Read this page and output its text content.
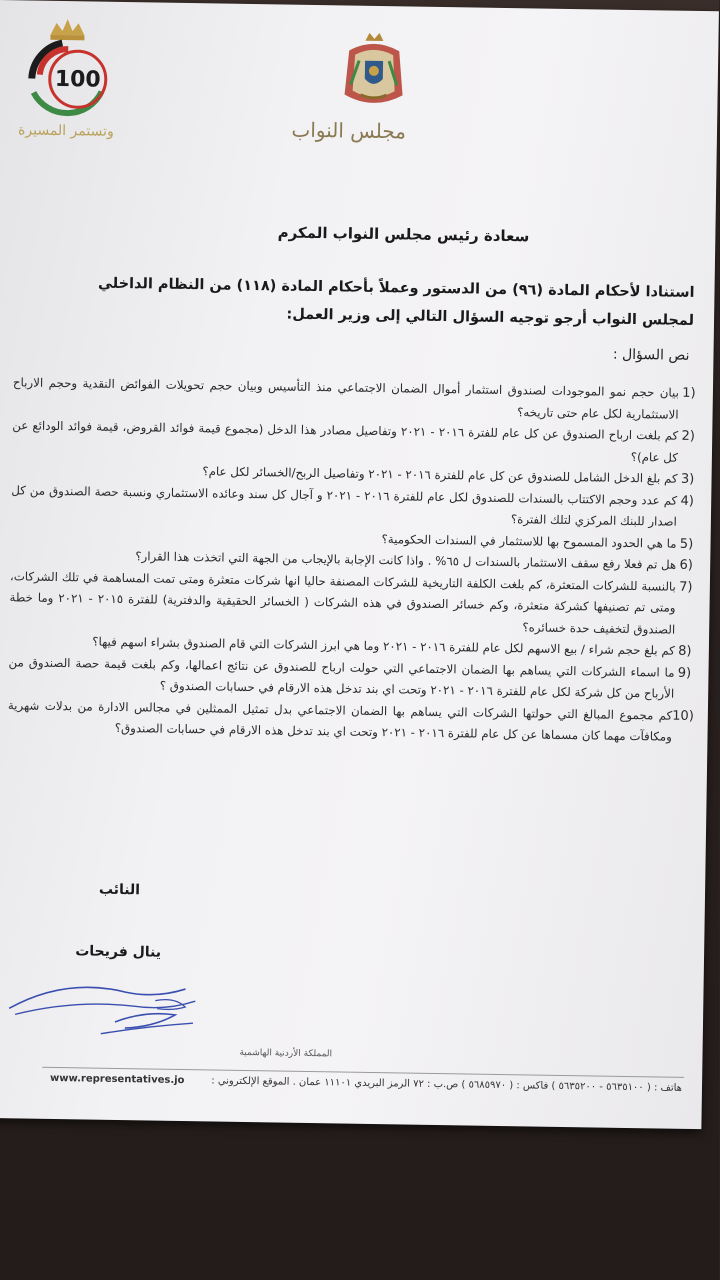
100
وتستمر المسيرة	مجلس النواب
سعادة رئيس مجلس النواب المكرم
استنادا لأحكام المادة (٩٦) من الدستور وعملاً بأحكام المادة (١١٨) من النظام الداخلي
لمجلس النواب أرجو توجيه السؤال التالي إلى وزير العمل:
نص السؤال :
1)
بيان حجم نمو الموجودات لصندوق استثمار أموال الضمان الاجتماعي منذ التأسيس وبيان حجم تحويلات الفوائض النقدية وحجم الارباح الاستثمارية لكل عام حتى تاريخه؟
2)
كم بلغت ارباح الصندوق عن كل عام للفترة ٢٠١٦ - ٢٠٢١ وتفاصيل مصادر هذا الدخل (مجموع قيمة فوائد القروض، قيمة فوائد الودائع عن كل عام)؟
3)
كم بلغ الدخل الشامل للصندوق عن كل عام للفترة ٢٠١٦ - ٢٠٢١ وتفاصيل الربح/الخسائر لكل عام؟
4)
كم عدد وحجم الاكتتاب بالسندات للصندوق لكل عام للفترة ٢٠١٦ - ٢٠٢١ و آجال كل سند وعائده الاستثماري ونسبة حصة الصندوق من كل اصدار للبنك المركزي لتلك الفترة؟
5)
ما هي الحدود المسموح بها للاستثمار في السندات الحكومية؟
6)
هل تم فعلا رفع سقف الاستثمار بالسندات ل ٦٥% . واذا كانت الإجابة بالإيجاب من الجهة التي اتخذت هذا القرار؟
7)
بالنسبة للشركات المتعثرة، كم بلغت الكلفة التاريخية للشركات المصنفة حاليا انها شركات متعثرة ومتى تمت المساهمة في تلك الشركات، ومتى تم تصنيفها كشركة متعثرة، وكم خسائر الصندوق في هذه الشركات ( الخسائر الحقيقية والدفترية) للفترة ٢٠١٥ - ٢٠٢١ وما خطة الصندوق لتخفيف حدة خسائره؟
8)
كم بلغ حجم شراء / بيع الاسهم لكل عام للفترة ٢٠١٦ - ٢٠٢١ وما هي ابرز الشركات التي قام الصندوق بشراء اسهم فيها؟
9)
ما اسماء الشركات التي يساهم بها الضمان الاجتماعي التي حولت ارباح للصندوق عن نتائج اعمالها، وكم بلغت قيمة حصة الصندوق من الأرباح من كل شركة لكل عام للفترة ٢٠١٦ - ٢٠٢١ وتحت اي بند تدخل هذه الارقام في حسابات الصندوق ؟
10)
كم مجموع المبالغ التي حولتها الشركات التي يساهم بها الضمان الاجتماعي بدل تمثيل الممثلين في مجالس الادارة من بدلات شهرية ومكافآت مهما كان مسماها عن كل عام للفترة ٢٠١٦ - ٢٠٢١ وتحت اي بند تدخل هذه الارقام في حسابات الصندوق؟
النائب
ينال فريحات
المملكة الأردنية الهاشمية
هاتف : ( ٥٦٣٥١٠٠ - ٥٦٣٥٢٠٠ ) فاكس : ( ٥٦٨٥٩٧٠ ) ص.ب : ٧٢ الرمز البريدي ١١١٠١ عمان . الموقع الإلكتروني :
www.representatives.jo
